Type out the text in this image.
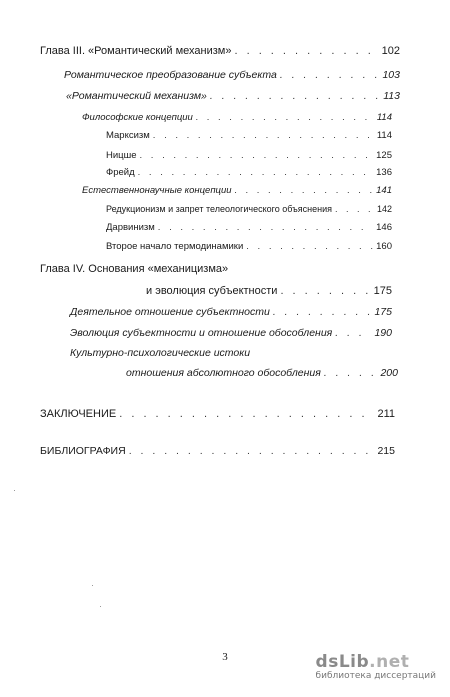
Глава III. «Романтический механизм» . . .	102
Романтическое преобразование субъекта . . .	103
«Романтический механизм» . . .	113
Философские концепции . . .	114
Марксизм . . .	114
Ницше . . .	125
Фрейд . . .	136
Естественнонаучные концепции . . .	141
Редукционизм и запрет телеологического объяснения . . .	142
Дарвинизм . . .	146
Второе начало термодинамики . . .	160
Глава IV. Основания «механицизма»
и эволюция субъектности . . .	175
Деятельное отношение субъектности . . .	175
Эволюция субъектности и отношение обособления . . .	190
Культурно-психологические истоки
отношения абсолютного обособления . . .	200
ЗАКЛЮЧЕНИЕ . . .	211
БИБЛИОГРАФИЯ . . .	215
3	dsLib.net
библиотека диссертаций
